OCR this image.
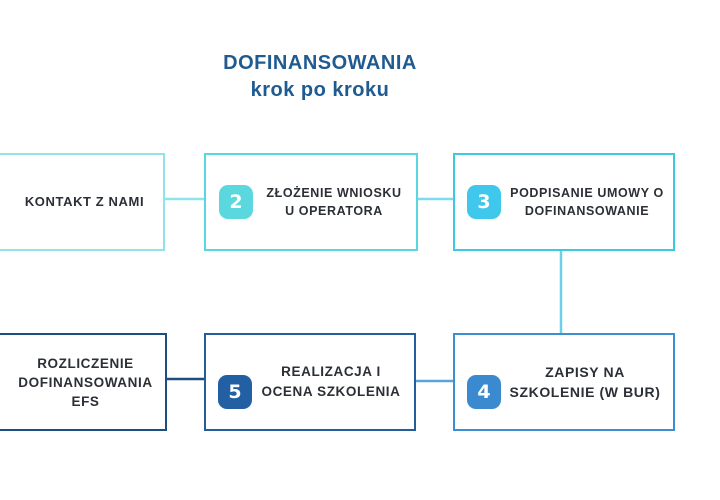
DOFINANSOWANIA
krok po kroku
KONTAKT Z NAMI	2	ZŁOŻENIE WNIOSKU
U OPERATORA	3	PODPISANIE UMOWY O
DOFINANSOWANIE
4
ZAPISY NA
SZKOLENIE (W BUR)
5
REALIZACJA I
OCENA SZKOLENIA
ROZLICZENIE
DOFINANSOWANIA
EFS
